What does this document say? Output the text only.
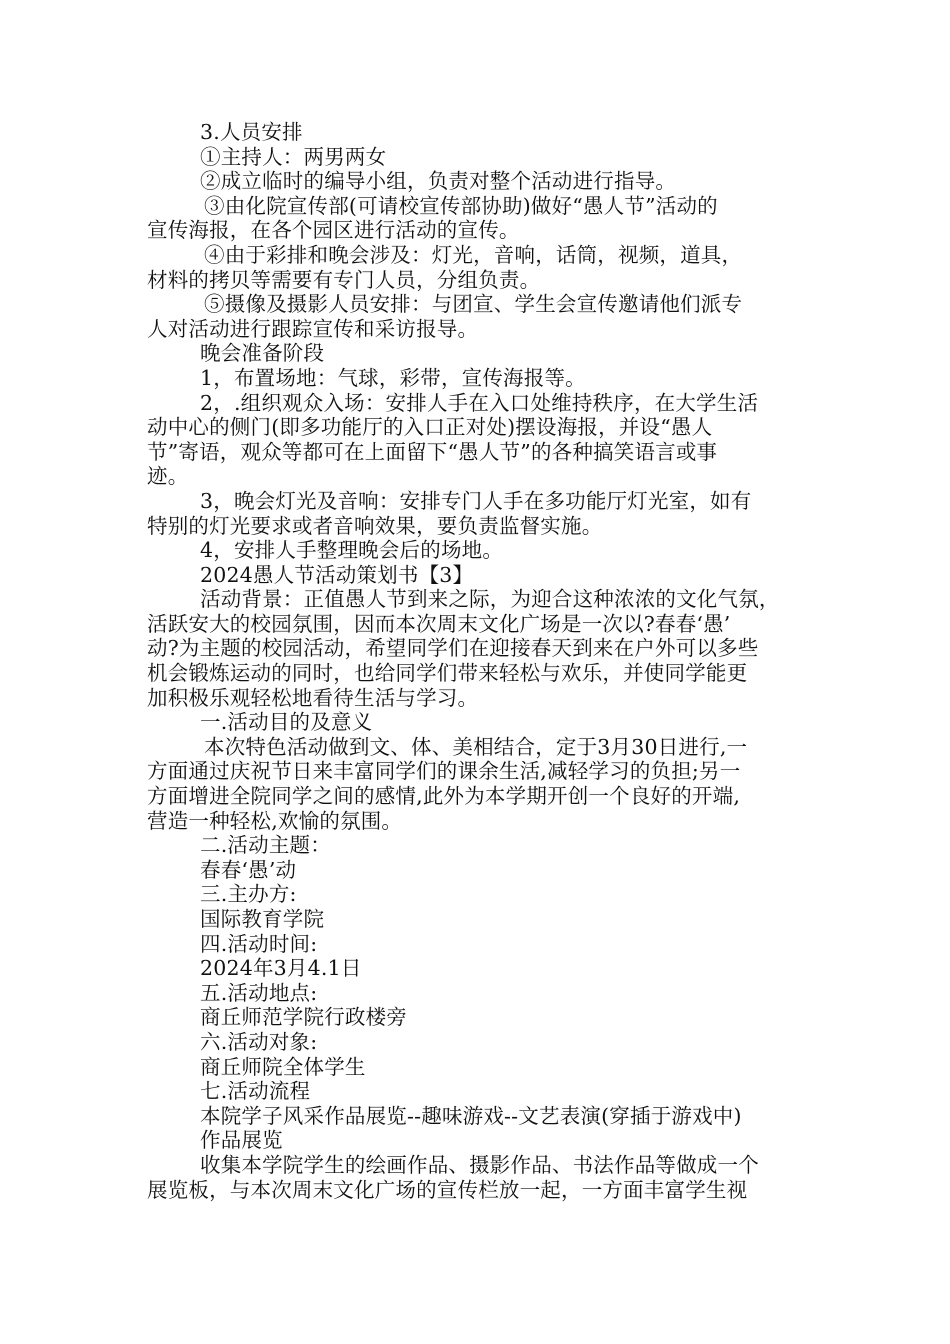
3.人员安排
①主持人：两男两女
②成立临时的编导小组，负责对整个活动进行指导。
③由化院宣传部(可请校宣传部协助)做好“愚人节”活动的
宣传海报，在各个园区进行活动的宣传。
④由于彩排和晚会涉及：灯光，音响，话筒，视频，道具，
材料的拷贝等需要有专门人员，分组负责。
⑤摄像及摄影人员安排：与团宣、学生会宣传邀请他们派专
人对活动进行跟踪宣传和采访报导。
晚会准备阶段
1，布置场地：气球，彩带，宣传海报等。
2，.组织观众入场：安排人手在入口处维持秩序，在大学生活
动中心的侧门(即多功能厅的入口正对处)摆设海报，并设“愚人
节”寄语，观众等都可在上面留下“愚人节”的各种搞笑语言或事
迹。
3，晚会灯光及音响：安排专门人手在多功能厅灯光室，如有
特别的灯光要求或者音响效果，要负责监督实施。
4，安排人手整理晚会后的场地。
2024愚人节活动策划书【3】
活动背景：正值愚人节到来之际，为迎合这种浓浓的文化气氛，
活跃安大的校园氛围，因而本次周末文化广场是一次以?春春‘愚’
动?为主题的校园活动，希望同学们在迎接春天到来在户外可以多些
机会锻炼运动的同时，也给同学们带来轻松与欢乐，并使同学能更
加积极乐观轻松地看待生活与学习。
一.活动目的及意义
本次特色活动做到文、体、美相结合，定于3月30日进行,一
方面通过庆祝节日来丰富同学们的课余生活,减轻学习的负担;另一
方面增进全院同学之间的感情,此外为本学期开创一个良好的开端,
营造一种轻松,欢愉的氛围。
二.活动主题：
春春‘愚’动
三.主办方:
国际教育学院
四.活动时间:
2024年3月4.1日
五.活动地点:
商丘师范学院行政楼旁
六.活动对象:
商丘师院全体学生
七.活动流程
本院学子风采作品展览--趣味游戏--文艺表演(穿插于游戏中)
作品展览
收集本学院学生的绘画作品、摄影作品、书法作品等做成一个
展览板，与本次周末文化广场的宣传栏放一起，一方面丰富学生视
